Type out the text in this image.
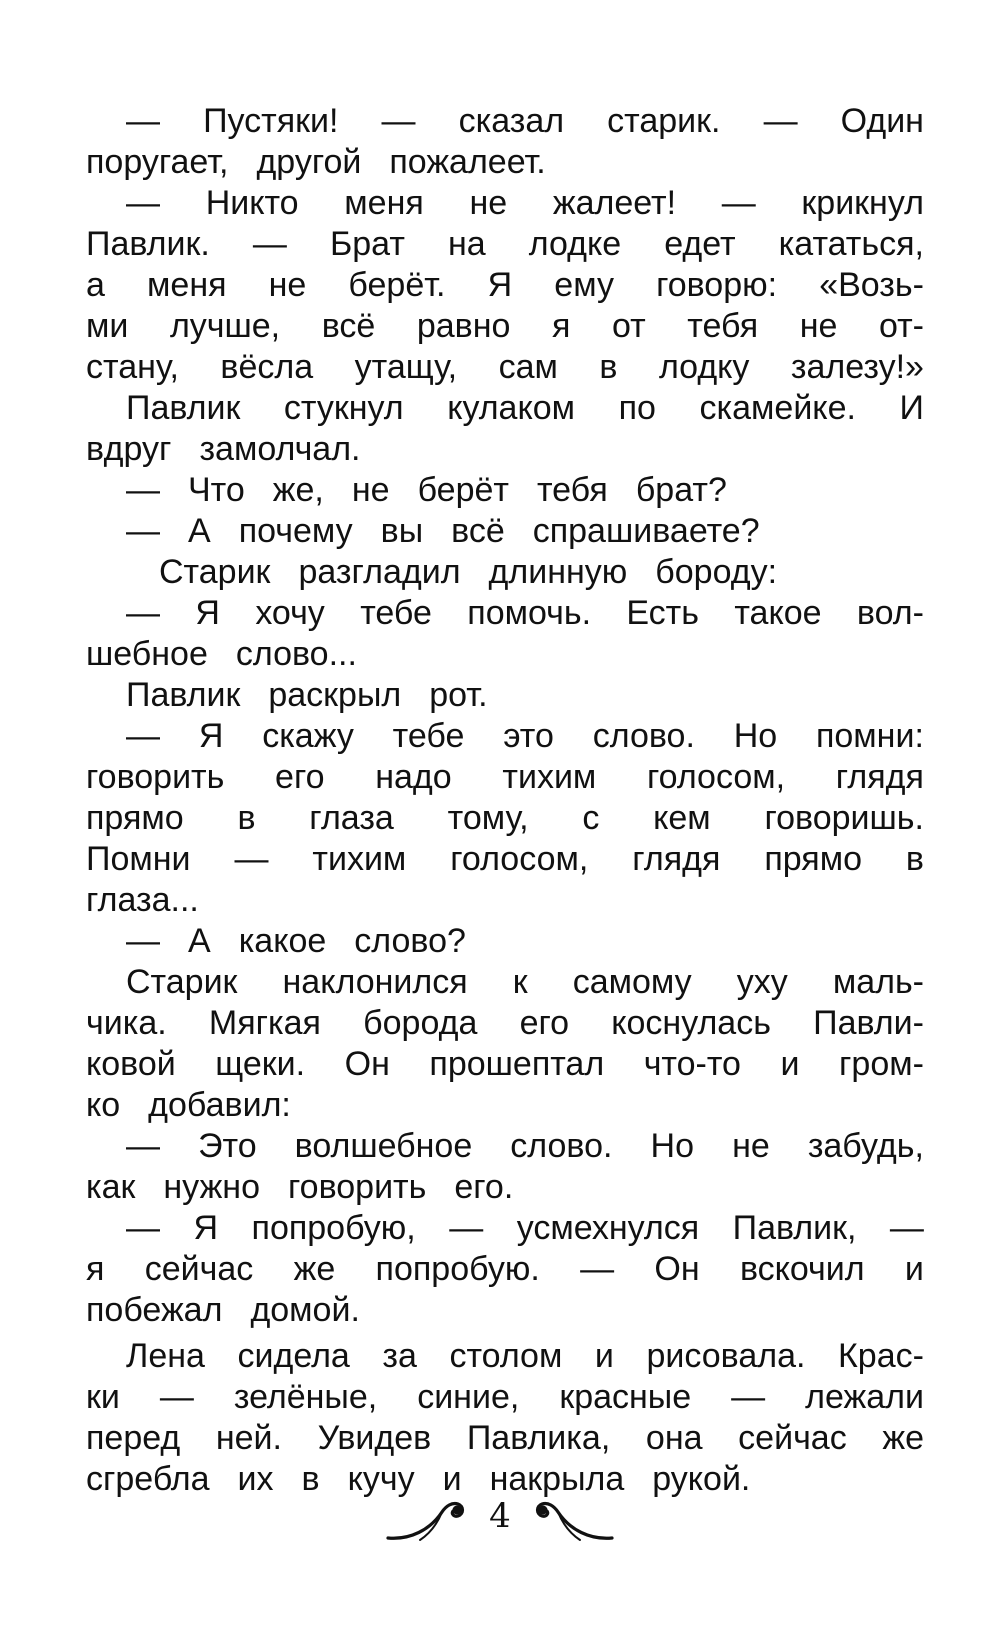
— Пустяки! — сказал старик. — Один
поругает, другой пожалеет.
— Никто меня не жалеет! — крикнул
Павлик. — Брат на лодке едет кататься,
а меня не берёт. Я ему говорю: «Возь-
ми лучше, всё равно я от тебя не от-
стану, вёсла утащу, сам в лодку залезу!»
Павлик стукнул кулаком по скамейке. И
вдруг замолчал.
— Что же, не берёт тебя брат?
— А почему вы всё спрашиваете?
Старик разгладил длинную бороду:
— Я хочу тебе помочь. Есть такое вол-
шебное слово...
Павлик раскрыл рот.
— Я скажу тебе это слово. Но помни:
говорить его надо тихим голосом, глядя
прямо в глаза тому, с кем говоришь.
Помни — тихим голосом, глядя прямо в
глаза...
— А какое слово?
Старик наклонился к самому уху маль-
чика. Мягкая борода его коснулась Павли-
ковой щеки. Он прошептал что-то и гром-
ко добавил:
— Это волшебное слово. Но не забудь,
как нужно говорить его.
— Я попробую, — усмехнулся Павлик, —
я сейчас же попробую. — Он вскочил и
побежал домой.
Лена сидела за столом и рисовала. Крас-
ки — зелёные, синие, красные — лежали
перед ней. Увидев Павлика, она сейчас же
сгребла их в кучу и накрыла рукой.
4
